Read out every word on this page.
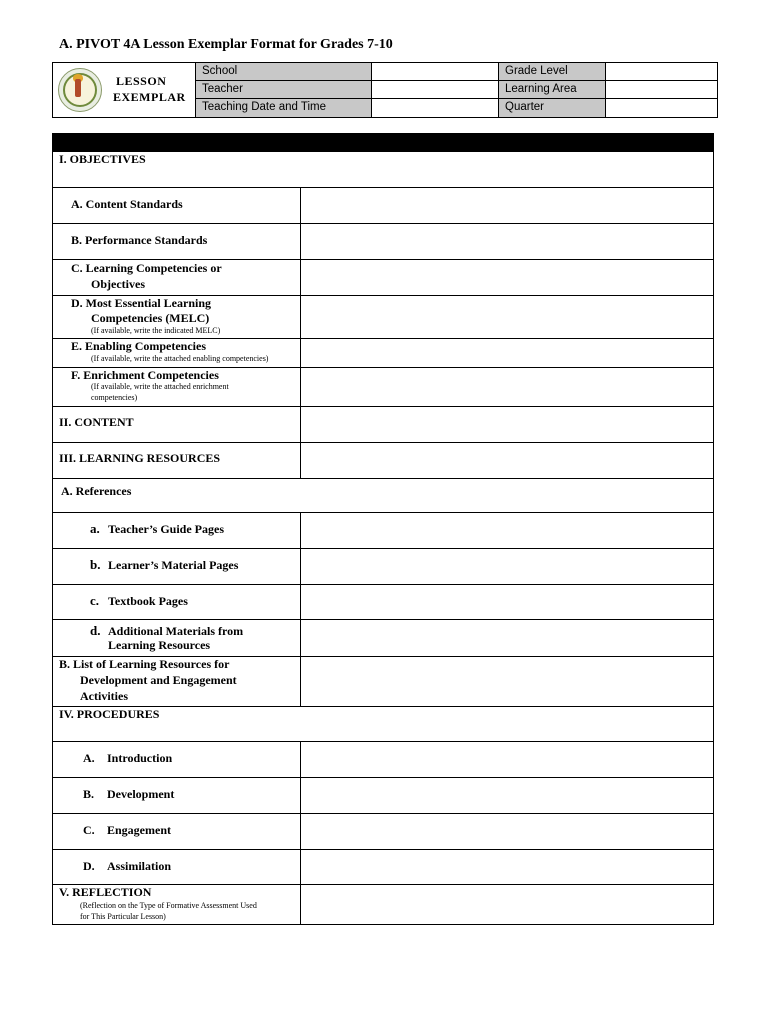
A. PIVOT 4A Lesson Exemplar Format for Grades 7-10
LESSON
EXEMPLAR
School	Grade Level
Teacher	Learning Area
Teaching Date and Time	Quarter
I. OBJECTIVES
A. Content Standards
B. Performance Standards
C. Learning Competencies or
Objectives
D. Most Essential Learning
Competencies (MELC)
(If available, write the indicated MELC)
E. Enabling Competencies
(If available, write the attached enabling competencies)
F. Enrichment Competencies
(If available, write the attached enrichment
competencies)
II. CONTENT
III. LEARNING RESOURCES
A. References
a. Teacher’s Guide Pages
b. Learner’s Material Pages
c. Textbook Pages
d. Additional Materials from
Learning Resources
B. List of Learning Resources for
Development and Engagement
Activities
IV. PROCEDURES
A. Introduction
B. Development
C. Engagement
D. Assimilation
V. REFLECTION
(Reflection on the Type of Formative Assessment Used
for This Particular Lesson)
